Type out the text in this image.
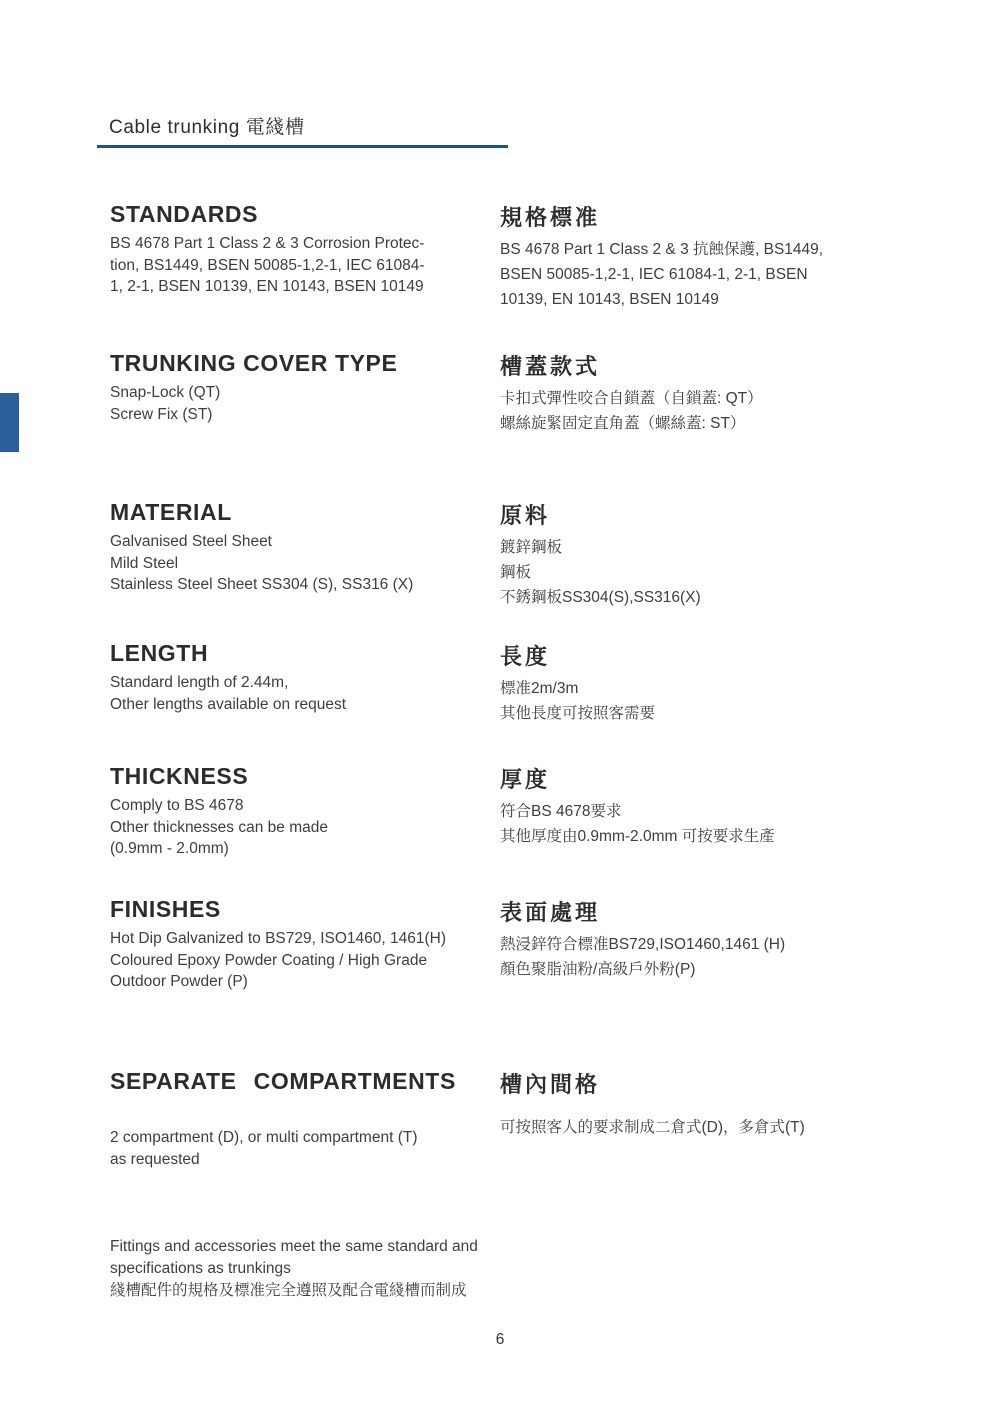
Cable trunking 電綫槽
STANDARDS

BS 4678 Part 1 Class 2 & 3 Corrosion Protec-

tion, BS1449, BSEN 50085-1,2-1, IEC 61084-

1, 2-1, BSEN 10139, EN 10143, BSEN 10149

規格標准

BS 4678 Part 1 Class 2 & 3 抗蝕保護, BS1449,

BSEN 50085-1,2-1, IEC 61084-1, 2-1, BSEN

10139, EN 10143, BSEN 10149

TRUNKING COVER TYPE

Snap-Lock (QT)

Screw Fix (ST)

槽蓋款式

卡扣式彈性咬合自鎖蓋（自鎖蓋: QT）

螺絲旋緊固定直角蓋（螺絲蓋: ST）

MATERIAL

Galvanised Steel Sheet

Mild Steel

Stainless Steel Sheet SS304 (S), SS316 (X)

原料

鍍鋅鋼板

鋼板

不銹鋼板SS304(S),SS316(X)

LENGTH

Standard length of 2.44m,

Other lengths available on request

長度

標准2m/3m

其他長度可按照客需要

THICKNESS

Comply to BS 4678

Other thicknesses can be made

(0.9mm - 2.0mm)

厚度

符合BS 4678要求

其他厚度由0.9mm-2.0mm 可按要求生產

FINISHES

Hot Dip Galvanized to BS729, ISO1460, 1461(H)

Coloured Epoxy Powder Coating / High Grade

Outdoor Powder (P)

表面處理

熱浸鋅符合標准BS729,ISO1460,1461 (H)

顏色聚脂油粉/高級戶外粉(P)

SEPARATE COMPARTMENTS

2 compartment (D), or multi compartment (T)

as requested

槽內間格

可按照客人的要求制成二倉式(D)，多倉式(T)

Fittings and accessories meet the same standard and

specifications as trunkings

綫槽配件的規格及標准完全遵照及配合電綫槽而制成

6
